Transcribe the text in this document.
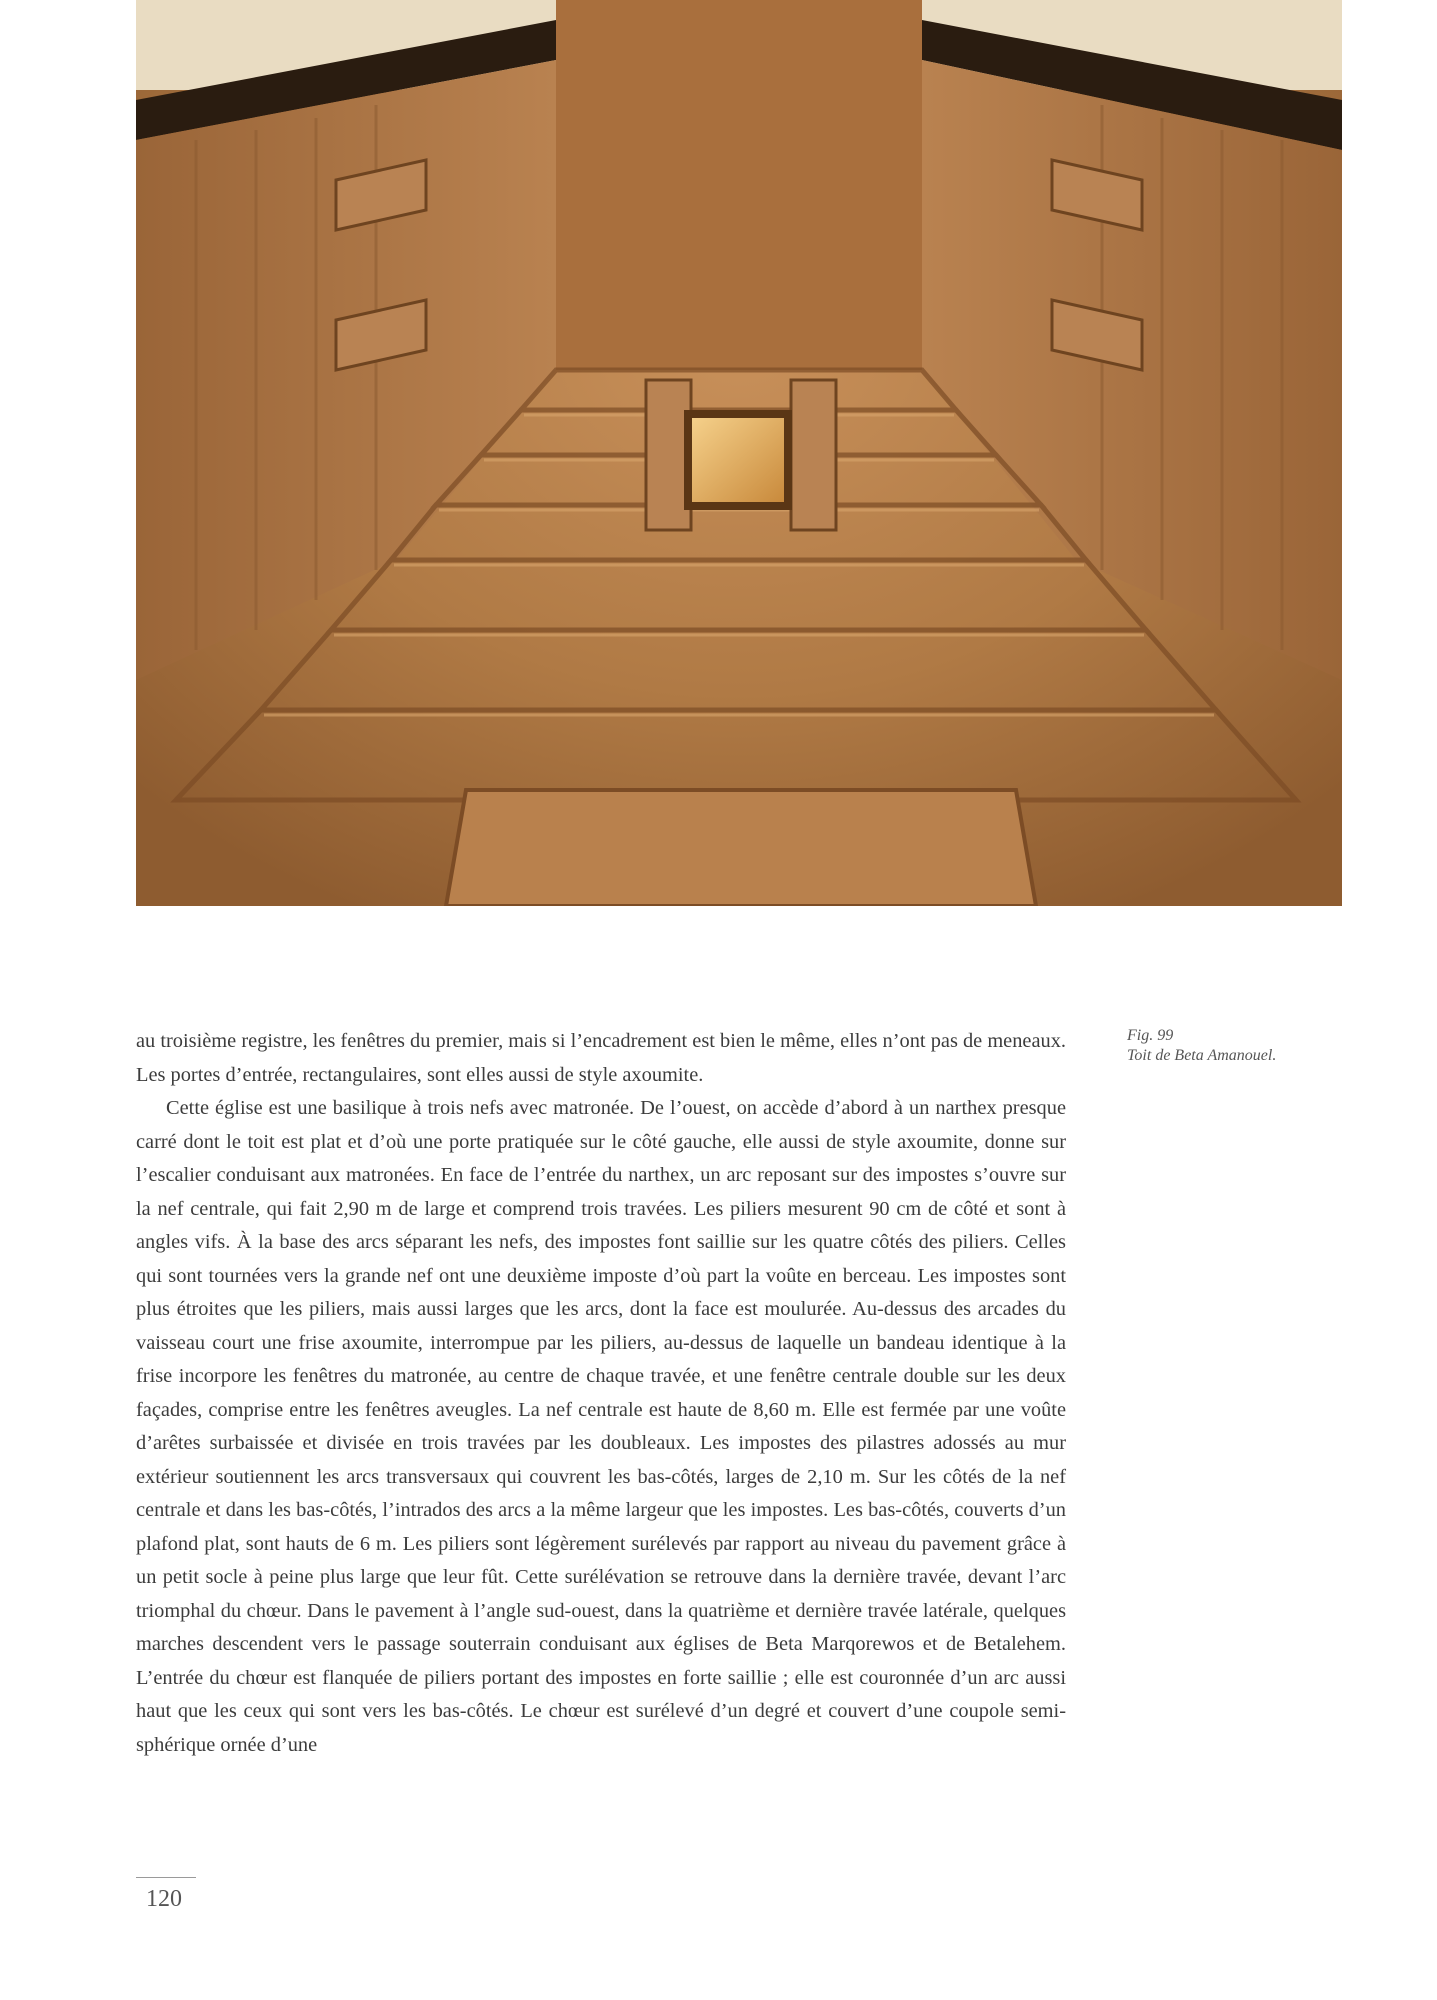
Fig. 99
Toit de Beta Amanouel.

au troisième registre, les fenêtres du premier, mais si l’encadrement est bien le même, elles n’ont pas de meneaux. Les portes d’entrée, rectangulaires, sont elles aussi de style axoumite.

Cette église est une basilique à trois nefs avec matronée. De l’ouest, on accède d’abord à un narthex presque carré dont le toit est plat et d’où une porte pratiquée sur le côté gauche, elle aussi de style axoumite, donne sur l’escalier conduisant aux matronées. En face de l’entrée du narthex, un arc reposant sur des impostes s’ouvre sur la nef centrale, qui fait 2,90 m de large et comprend trois travées. Les piliers mesurent 90 cm de côté et sont à angles vifs. À la base des arcs séparant les nefs, des impostes font saillie sur les quatre côtés des piliers. Celles qui sont tournées vers la grande nef ont une deuxième imposte d’où part la voûte en berceau. Les impostes sont plus étroites que les piliers, mais aussi larges que les arcs, dont la face est moulurée. Au-dessus des arcades du vaisseau court une frise axoumite, interrompue par les piliers, au-dessus de laquelle un bandeau identique à la frise incorpore les fenêtres du matronée, au centre de chaque travée, et une fenêtre centrale double sur les deux façades, comprise entre les fenêtres aveugles. La nef centrale est haute de 8,60 m. Elle est fermée par une voûte d’arêtes surbaissée et divisée en trois travées par les doubleaux. Les impostes des pilastres adossés au mur extérieur soutiennent les arcs transversaux qui couvrent les bas-côtés, larges de 2,10 m. Sur les côtés de la nef centrale et dans les bas-côtés, l’intrados des arcs a la même largeur que les impostes. Les bas-côtés, couverts d’un plafond plat, sont hauts de 6 m. Les piliers sont légèrement surélevés par rapport au niveau du pavement grâce à un petit socle à peine plus large que leur fût. Cette surélévation se retrouve dans la dernière travée, devant l’arc triomphal du chœur. Dans le pavement à l’angle sud-ouest, dans la quatrième et dernière travée latérale, quelques marches descendent vers le passage souterrain conduisant aux églises de Beta Marqorewos et de Betalehem. L’entrée du chœur est flanquée de piliers portant des impostes en forte saillie ; elle est couronnée d’un arc aussi haut que les ceux qui sont vers les bas-côtés. Le chœur est surélevé d’un degré et couvert d’une coupole semi-sphérique ornée d’une

120
